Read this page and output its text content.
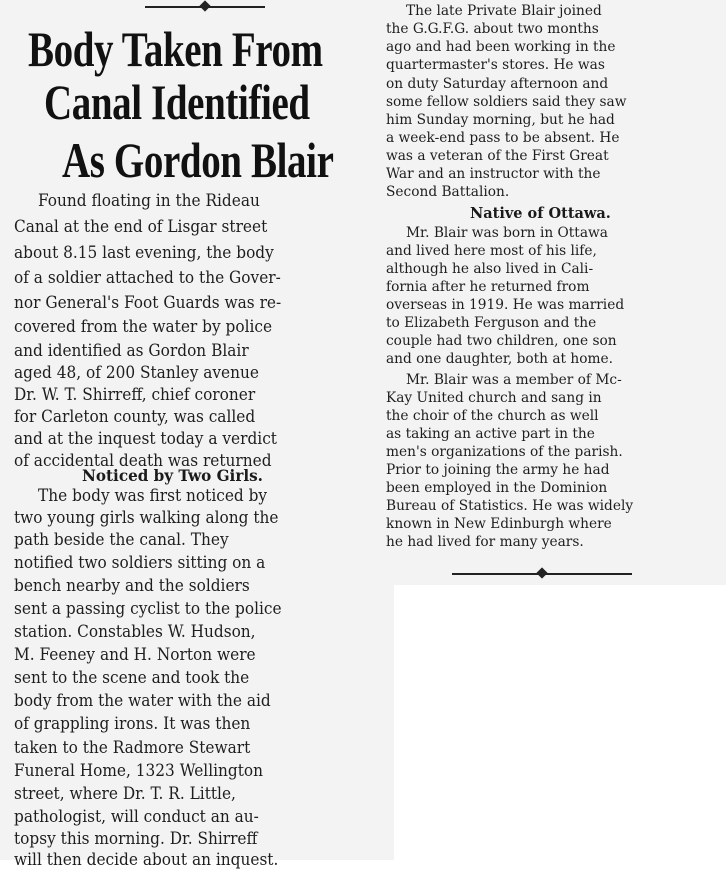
Body Taken From
Canal Identified
As Gordon Blair
Found floating in the Rideau
Canal at the end of Lisgar street
about 8.15 last evening, the body
of a soldier attached to the Gover-
nor General's Foot Guards was re-
covered from the water by police
and identified as Gordon Blair
aged 48, of 200 Stanley avenue
Dr. W. T. Shirreff, chief coroner
for Carleton county, was called
and at the inquest today a verdict
of accidental death was returned
Noticed by Two Girls.
The body was first noticed by
two young girls walking along the
path beside the canal. They
notified two soldiers sitting on a
bench nearby and the soldiers
sent a passing cyclist to the police
station. Constables W. Hudson,
M. Feeney and H. Norton were
sent to the scene and took the
body from the water with the aid
of grappling irons. It was then
taken to the Radmore Stewart
Funeral Home, 1323 Wellington
street, where Dr. T. R. Little,
pathologist, will conduct an au-
topsy this morning. Dr. Shirreff
will then decide about an inquest.
The late Private Blair joined
the G.G.F.G. about two months
ago and had been working in the
quartermaster's stores. He was
on duty Saturday afternoon and
some fellow soldiers said they saw
him Sunday morning, but he had
a week-end pass to be absent. He
was a veteran of the First Great
War and an instructor with the
Second Battalion.
Native of Ottawa.
Mr. Blair was born in Ottawa
and lived here most of his life,
although he also lived in Cali-
fornia after he returned from
overseas in 1919. He was married
to Elizabeth Ferguson and the
couple had two children, one son
and one daughter, both at home.
Mr. Blair was a member of Mc-
Kay United church and sang in
the choir of the church as well
as taking an active part in the
men's organizations of the parish.
Prior to joining the army he had
been employed in the Dominion
Bureau of Statistics. He was widely
known in New Edinburgh where
he had lived for many years.
